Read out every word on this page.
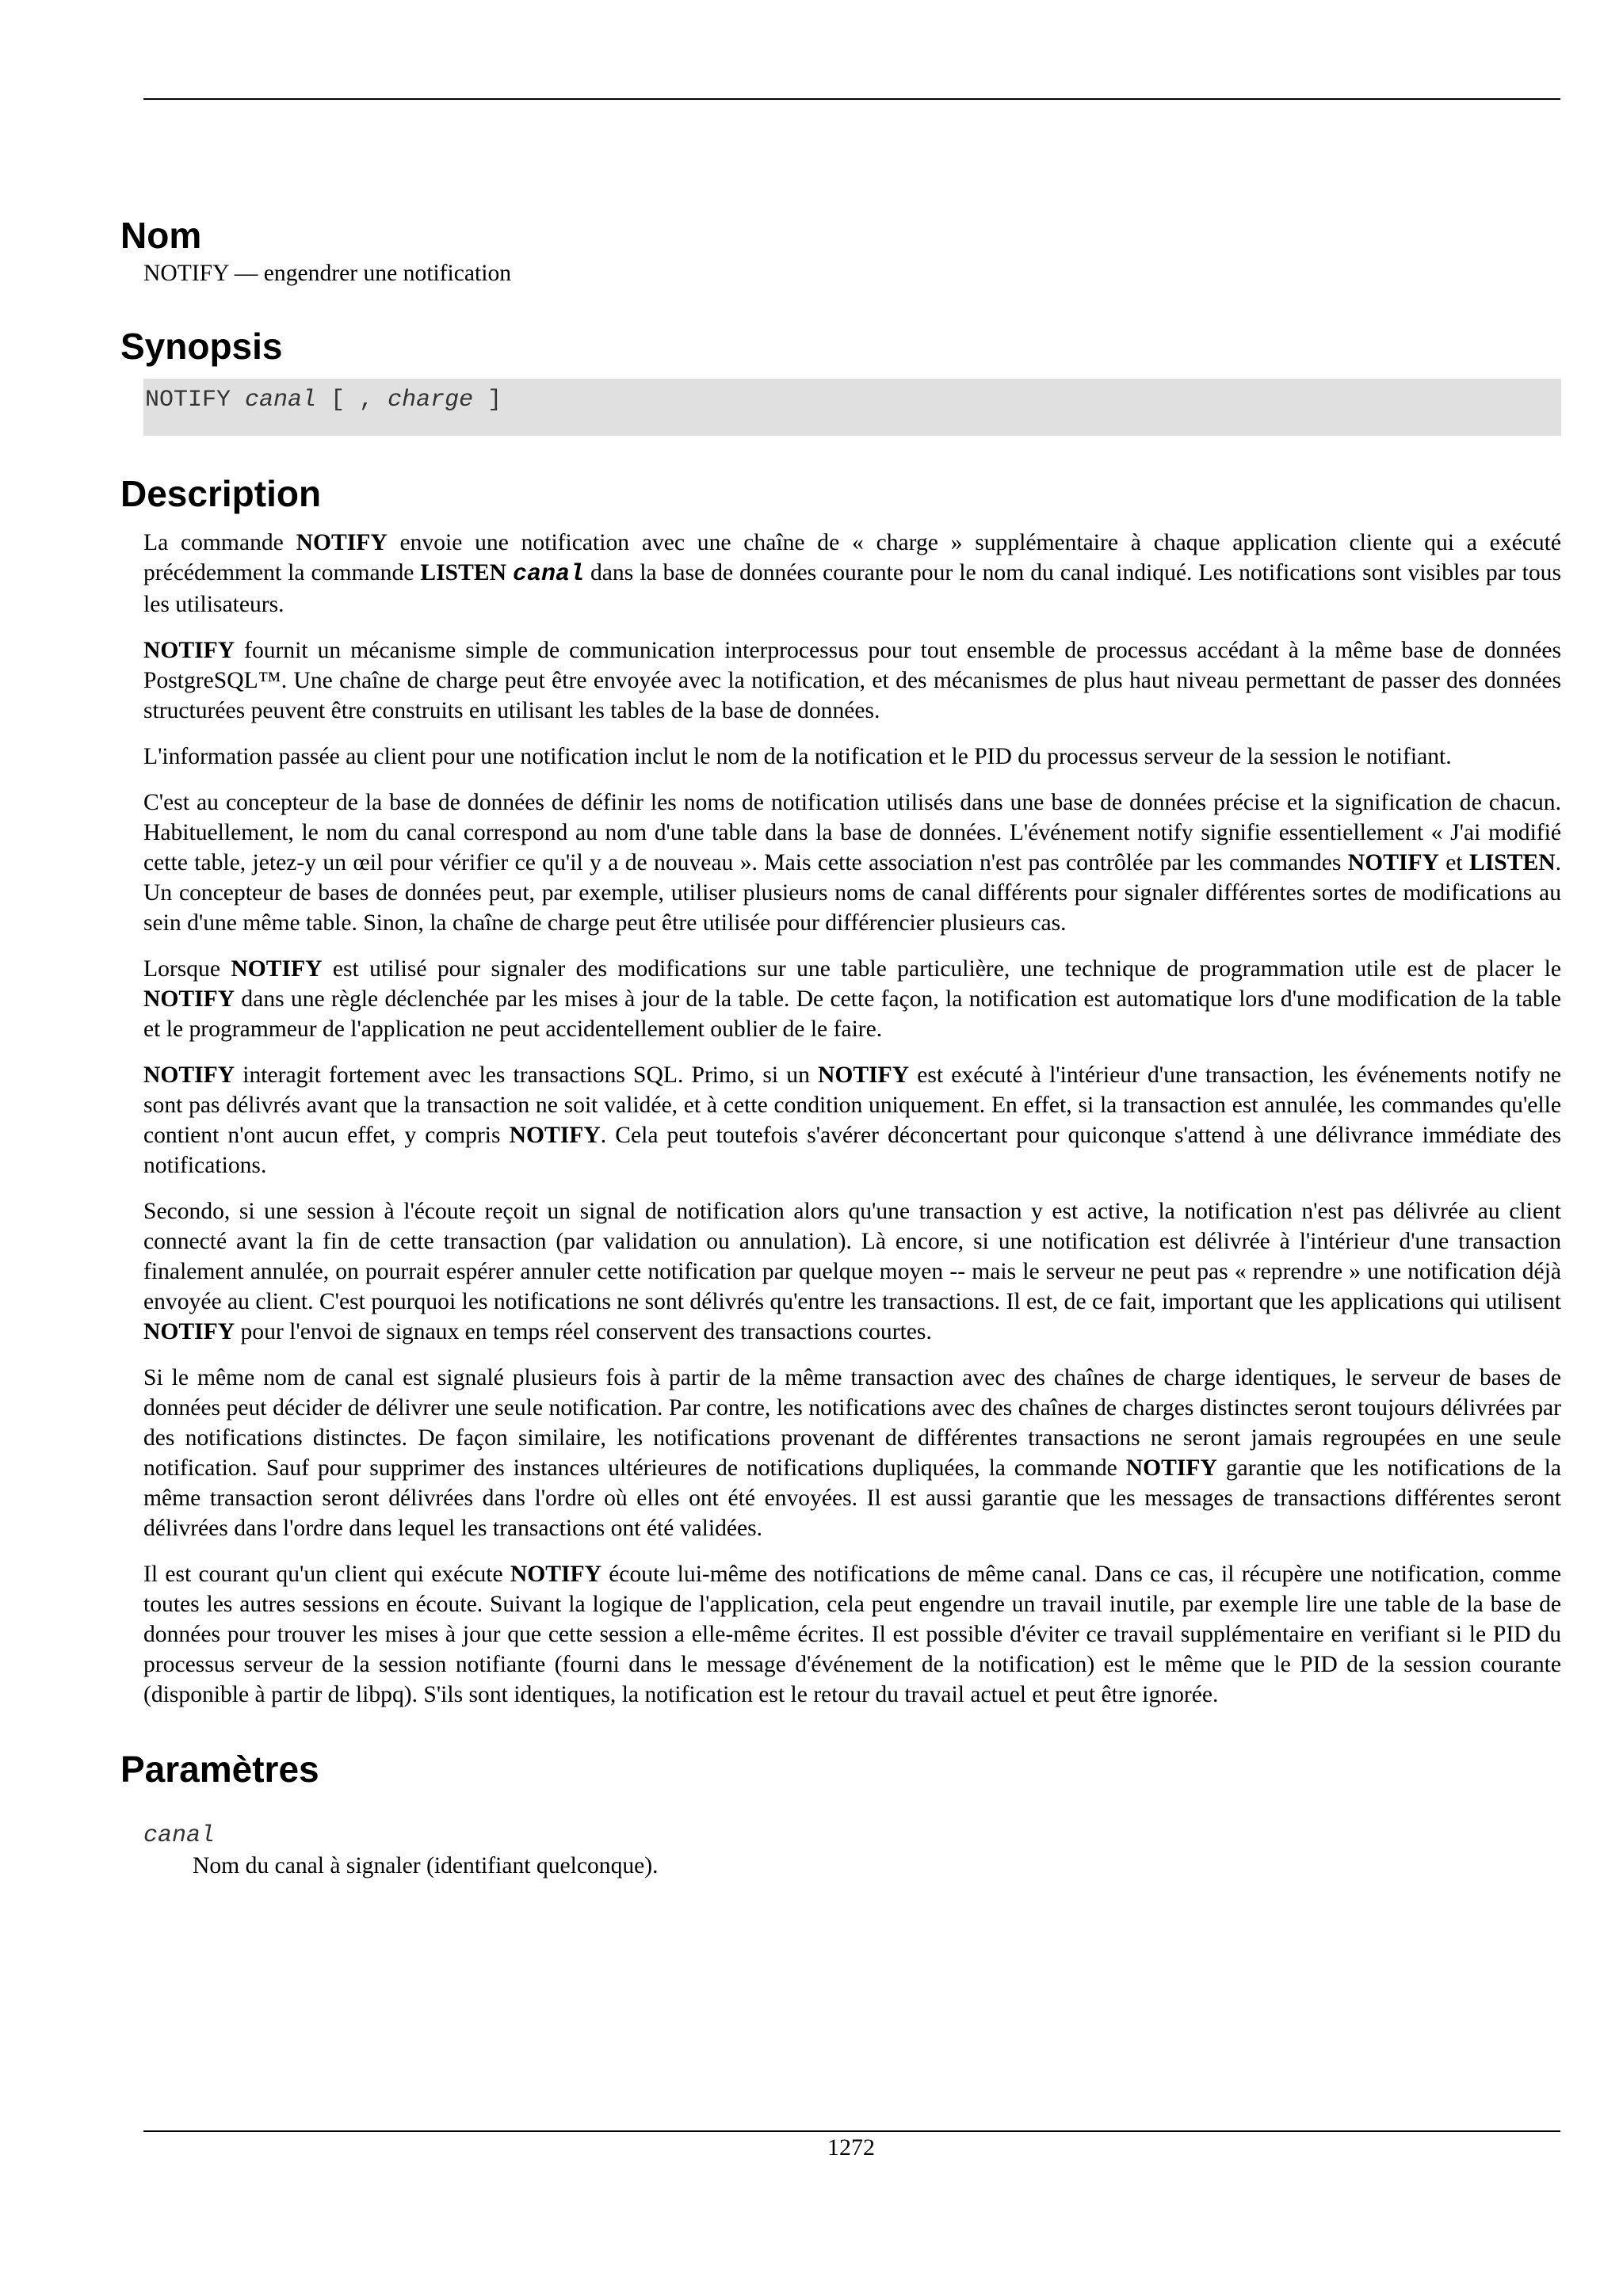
Nom
NOTIFY — engendrer une notification
Synopsis
NOTIFY canal [ , charge ]
Description

La commande NOTIFY envoie une notification avec une chaîne de « charge » supplémentaire à chaque application cliente qui a exécuté précédemment la commande LISTEN canal dans la base de données courante pour le nom du canal indiqué. Les notifications sont visibles par tous les utilisateurs.

NOTIFY fournit un mécanisme simple de communication interprocessus pour tout ensemble de processus accédant à la même base de données PostgreSQL™. Une chaîne de charge peut être envoyée avec la notification, et des mécanismes de plus haut niveau permettant de passer des données structurées peuvent être construits en utilisant les tables de la base de données.

L'information passée au client pour une notification inclut le nom de la notification et le PID du processus serveur de la session le notifiant.

C'est au concepteur de la base de données de définir les noms de notification utilisés dans une base de données précise et la signification de chacun. Habituellement, le nom du canal correspond au nom d'une table dans la base de données. L'événement notify signifie essentiellement « J'ai modifié cette table, jetez-y un œil pour vérifier ce qu'il y a de nouveau ». Mais cette association n'est pas contrôlée par les commandes NOTIFY et LISTEN. Un concepteur de bases de données peut, par exemple, utiliser plusieurs noms de canal différents pour signaler différentes sortes de modifications au sein d'une même table. Sinon, la chaîne de charge peut être utilisée pour différencier plusieurs cas.

Lorsque NOTIFY est utilisé pour signaler des modifications sur une table particulière, une technique de programmation utile est de placer le NOTIFY dans une règle déclenchée par les mises à jour de la table. De cette façon, la notification est automatique lors d'une modification de la table et le programmeur de l'application ne peut accidentellement oublier de le faire.

NOTIFY interagit fortement avec les transactions SQL. Primo, si un NOTIFY est exécuté à l'intérieur d'une transaction, les événements notify ne sont pas délivrés avant que la transaction ne soit validée, et à cette condition uniquement. En effet, si la transaction est annulée, les commandes qu'elle contient n'ont aucun effet, y compris NOTIFY. Cela peut toutefois s'avérer déconcertant pour quiconque s'attend à une délivrance immédiate des notifications.

Secondo, si une session à l'écoute reçoit un signal de notification alors qu'une transaction y est active, la notification n'est pas délivrée au client connecté avant la fin de cette transaction (par validation ou annulation). Là encore, si une notification est délivrée à l'intérieur d'une transaction finalement annulée, on pourrait espérer annuler cette notification par quelque moyen -- mais le serveur ne peut pas « reprendre » une notification déjà envoyée au client. C'est pourquoi les notifications ne sont délivrés qu'entre les transactions. Il est, de ce fait, important que les applications qui utilisent NOTIFY pour l'envoi de signaux en temps réel conservent des transactions courtes.

Si le même nom de canal est signalé plusieurs fois à partir de la même transaction avec des chaînes de charge identiques, le serveur de bases de données peut décider de délivrer une seule notification. Par contre, les notifications avec des chaînes de charges distinctes seront toujours délivrées par des notifications distinctes. De façon similaire, les notifications provenant de différentes transactions ne seront jamais regroupées en une seule notification. Sauf pour supprimer des instances ultérieures de notifications dupliquées, la commande NOTIFY garantie que les notifications de la même transaction seront délivrées dans l'ordre où elles ont été envoyées. Il est aussi garantie que les messages de transactions différentes seront délivrées dans l'ordre dans lequel les transactions ont été validées.

Il est courant qu'un client qui exécute NOTIFY écoute lui-même des notifications de même canal. Dans ce cas, il récupère une notification, comme toutes les autres sessions en écoute. Suivant la logique de l'application, cela peut engendre un travail inutile, par exemple lire une table de la base de données pour trouver les mises à jour que cette session a elle-même écrites. Il est possible d'éviter ce travail supplémentaire en verifiant si le PID du processus serveur de la session notifiante (fourni dans le message d'événement de la notification) est le même que le PID de la session courante (disponible à partir de libpq). S'ils sont identiques, la notification est le retour du travail actuel et peut être ignorée.

Paramètres
canal
Nom du canal à signaler (identifiant quelconque).
1272
